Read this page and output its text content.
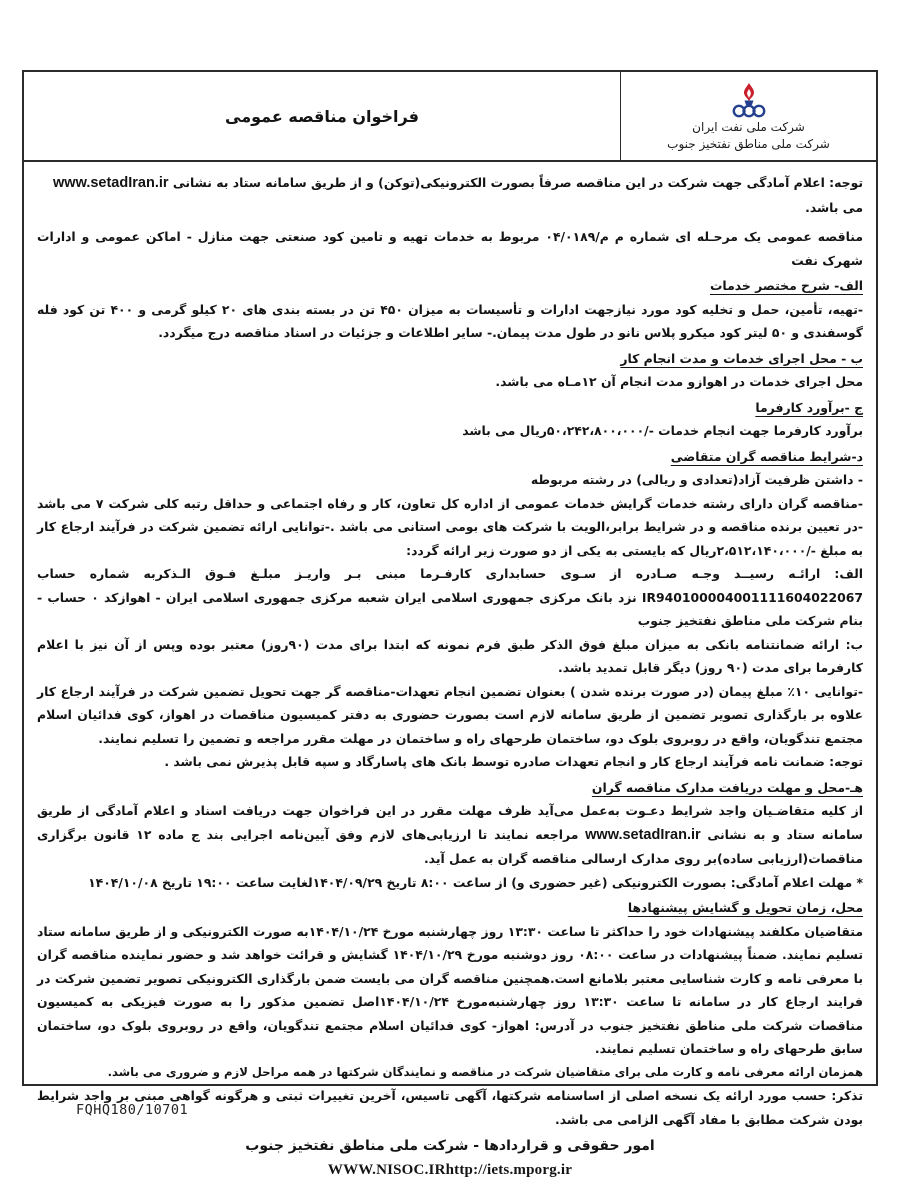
شرکت ملی نفت ایران
شرکت ملی مناطق نفتخیز جنوب
فراخوان مناقصه عمومی

توجه: اعلام آمادگی جهت شرکت در این مناقصه صرفاً بصورت الکترونیکی(توکن) و از طریق سامانه ستاد به نشانی www.setadIran.ir می باشد.

مناقصه عمومی یک مرحـله ای شماره م م/۰۴/۰۱۸۹ مربوط به خدمات تهیه و تامین کود صنعتی جهت منازل - اماکن عمومی و ادارات شهرک نفت

الف- شرح مختصر خدمات

-تهیه، تأمین، حمل و تخلیه کود مورد نیازجهت ادارات و تأسیسات به میزان ۴۵۰ تن در بسته بندی های ۲۰ کیلو گرمی و ۴۰۰ تن کود فله گوسفندی و ۵۰ لیتر کود میکرو پلاس نانو در طول مدت پیمان.- سایر اطلاعات و جزئیات در اسناد مناقصه درج میگردد.

ب - محل اجرای خدمات و مدت انجام کار

محل اجرای خدمات در اهوازو مدت انجام آن ۱۲مـاه می باشد.

ج -برآورد کارفرما

برآورد کارفرما جهت انجام خدمات -/۵۰،۲۴۲،۸۰۰،۰۰۰ریال می باشد

د-شرایط مناقصه گران متقاضی

- داشتن ظرفیت آزاد(تعدادی و ریالی) در رشته مربوطه

-مناقصه گران دارای رشته خدمات گرایش خدمات عمومی از اداره کل تعاون، کار و رفاه اجتماعی و حداقل رتبه کلی شرکت ۷ می باشد -در تعیین برنده مناقصه و در شرایط برابر،الویت با شرکت های بومی استانی می باشد .-توانایی ارائه تضمین شرکت در فرآیند ارجاع کار به مبلغ -/۲،۵۱۲،۱۴۰،۰۰۰ریال که بایستی به یکی از دو صورت زیر ارائه گردد:

الف: ارائـه رسیــد وجـه صـادره از سـوی حسابداری کارفـرما مبنی بـر واریـز مبلـغ فـوق الـذکربه شماره حساب IR940100004001111604022067 نزد بانک مرکزی جمهوری اسلامی ایران شعبه مرکزی جمهوری اسلامی ایران - اهوازکد ۰ حساب - بنام شرکت ملی مناطق نفتخیز جنوب

ب: ارائه ضمانتنامه بانکی به میزان مبلغ فوق الذکر طبق فرم نمونه که ابتدا برای مدت (۹۰روز) معتبر بوده وپس از آن نیز با اعلام کارفرما برای مدت (۹۰ روز) دیگر قابل تمدید باشد.

-توانایی ۱۰٪ مبلغ پیمان (در صورت برنده شدن ) بعنوان تضمین انجام تعهدات-مناقصه گر جهت تحویل تضمین شرکت در فرآیند ارجاع کار علاوه بر بارگذاری تصویر تضمین از طریق سامانه لازم است بصورت حضوری به دفتر کمیسیون مناقصات در اهواز، کوی فدائیان اسلام مجتمع تندگویان، واقع در روبروی بلوک دو، ساختمان طرحهای راه و ساختمان در مهلت مقرر مراجعه و تضمین را تسلیم نمایند.

توجه: ضمانت نامه فرآیند ارجاع کار و انجام تعهدات صادره توسط بانک های پاسارگاد و سپه قابل پذیرش نمی باشد .

هـ-محل و مهلت دریافت مدارک مناقصه گران

از کلیه متقاضـیان واجد شرایط دعـوت به‌عمل می‌آید ظرف مهلت مقرر در این فراخوان جهت دریافت اسناد و اعلام آمادگی از طریق سامانه ستاد و به نشانی www.setadIran.ir مراجعه نمایند تا ارزیابی‌های لازم وفق آیین‌نامه اجرایی بند ج ماده ۱۲ قانون برگزاری مناقصات(ارزیابی ساده)بر روی مدارک ارسالی مناقصه گران به عمل آید.

* مهلت اعلام آمادگی: بصورت الکترونیکی (غیر حضوری و) از ساعت ۸:۰۰ تاریخ ۱۴۰۴/۰۹/۲۹لغایت ساعت ۱۹:۰۰ تاریخ ۱۴۰۴/۱۰/۰۸

محل، زمان تحویل و گشایش پیشنهادها

متقاضیان مکلفند پیشنهادات خود را حداکثر تا ساعت ۱۳:۳۰ روز چهارشنبه مورخ ۱۴۰۴/۱۰/۲۴به صورت الکترونیکی و از طریق سامانه ستاد تسلیم نمایند. ضمناً پیشنهادات در ساعت ۰۸:۰۰ روز دوشنبه مورخ ۱۴۰۴/۱۰/۲۹ گشایش و قرائت خواهد شد و حضور نماینده مناقصه گران با معرفی نامه و کارت شناسایی معتبر بلامانع است.همچنین مناقصه گران می بایست ضمن بارگذاری الکترونیکی تصویر تضمین شرکت در فرایند ارجاع کار در سامانه تا ساعت ۱۳:۳۰ روز چهارشنبه‌مورخ ۱۴۰۴/۱۰/۲۴اصل تضمین مذکور را به صورت فیزیکی به کمیسیون مناقصات شرکت ملی مناطق نفتخیز جنوب در آدرس: اهواز- کوی فدائیان اسلام مجتمع تندگویان، واقع در روبروی بلوک دو، ساختمان سابق طرحهای راه و ساختمان تسلیم نمایند.

همزمان ارائه معرفی نامه و کارت ملی برای متقاضیان شرکت در مناقصه و نمایندگان شرکتها در همه مراحل لازم و ضروری می باشد.

تذکر: حسب مورد ارائه یک نسخه اصلی از اساسنامه شرکتها، آگهی تاسیس، آخرین تغییرات ثبتی و هرگونه گواهی مبنی بر واجد شرایط بودن شرکت مطابق با مفاد آگهی الزامی می باشد.

امور حقوقی و قراردادها - شرکت ملی مناطق نفتخیز جنوب

WWW.NISOC.IRhttp://iets.mporg.ir

FQHQ180/10701
